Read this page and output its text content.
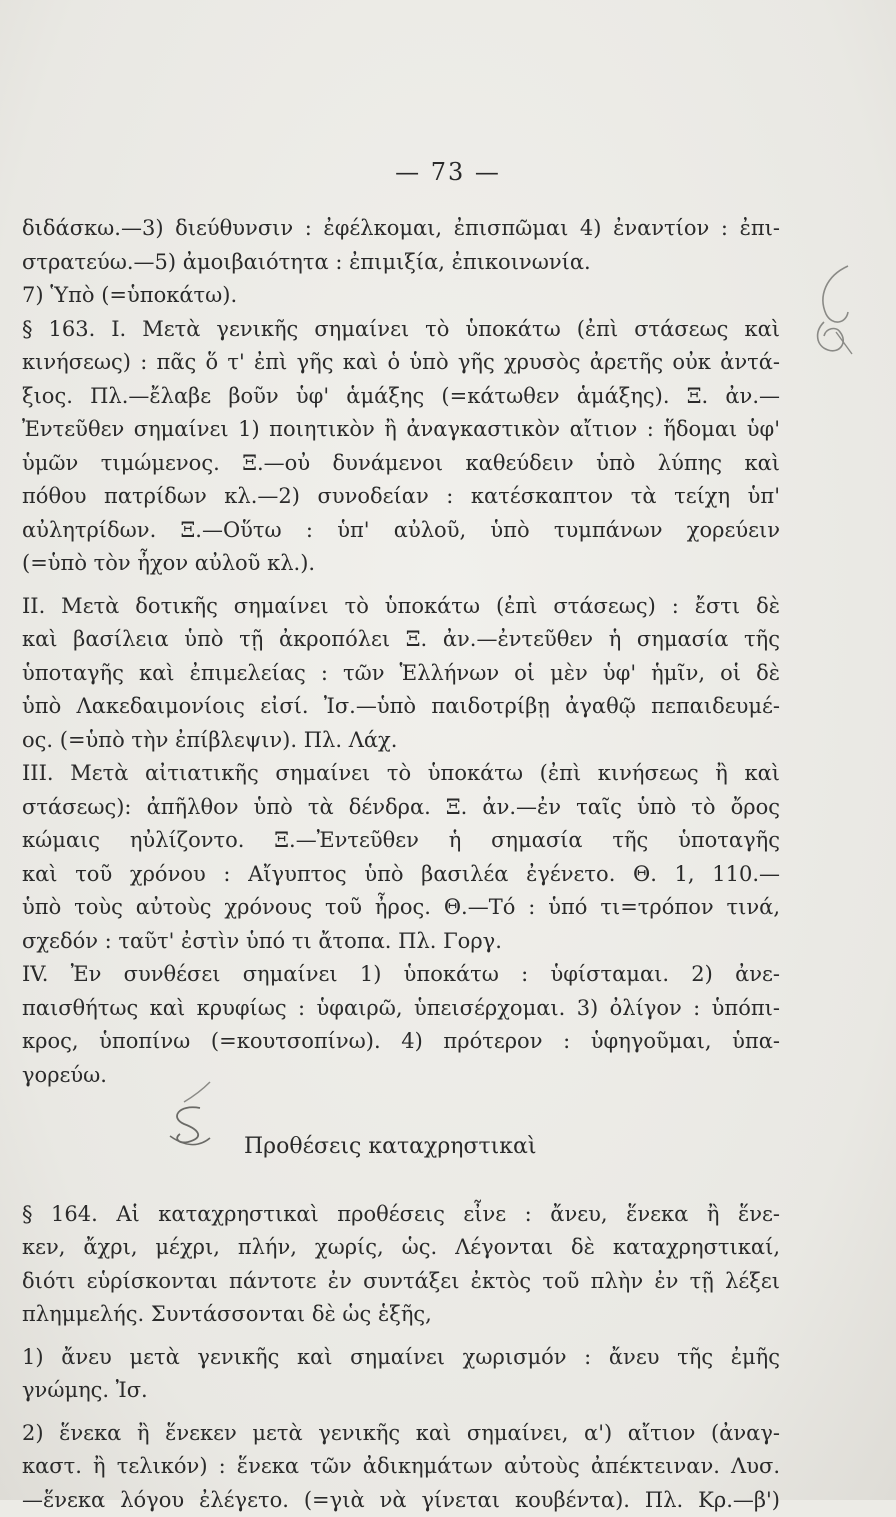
— 73 —
διδάσκω.—3) διεύθυνσιν : ἐφέλκομαι, ἐπισπῶμαι 4) ἐναντίον : ἐπι-
στρατεύω.—5) ἀμοιβαιότητα : ἐπιμιξία, ἐπικοινωνία.
7) Ὑπὸ (=ὑποκάτω).
§ 163. I. Μετὰ γενικῆς σημαίνει τὸ ὑποκάτω (ἐπὶ στάσεως καὶ
κινήσεως) : πᾶς ὅ τ' ἐπὶ γῆς καὶ ὁ ὑπὸ γῆς χρυσὸς ἀρετῆς οὐκ ἀντά-
ξιος. Πλ.—ἔλαβε βοῦν ὑφ' ἁμάξης (=κάτωθεν ἁμάξης). Ξ. ἀν.—
Ἐντεῦθεν σημαίνει 1) ποιητικὸν ἢ ἀναγκαστικὸν αἴτιον : ἥδομαι ὑφ'
ὑμῶν τιμώμενος. Ξ.—οὐ δυνάμενοι καθεύδειν ὑπὸ λύπης καὶ
πόθου πατρίδων κλ.—2) συνοδείαν : κατέσκαπτον τὰ τείχη ὑπ'
αὐλητρίδων. Ξ.—Οὕτω : ὑπ' αὐλοῦ, ὑπὸ τυμπάνων χορεύειν
(=ὑπὸ τὸν ἦχον αὐλοῦ κλ.).
II. Μετὰ δοτικῆς σημαίνει τὸ ὑποκάτω (ἐπὶ στάσεως) : ἔστι δὲ
καὶ βασίλεια ὑπὸ τῇ ἀκροπόλει Ξ. ἀν.—ἐντεῦθεν ἡ σημασία τῆς
ὑποταγῆς καὶ ἐπιμελείας : τῶν Ἑλλήνων οἱ μὲν ὑφ' ἡμῖν, οἱ δὲ
ὑπὸ Λακεδαιμονίοις εἰσί. Ἰσ.—ὑπὸ παιδοτρίβῃ ἀγαθῷ πεπαιδευμέ-
ος. (=ὑπὸ τὴν ἐπίβλεψιν). Πλ. Λάχ.
III. Μετὰ αἰτιατικῆς σημαίνει τὸ ὑποκάτω (ἐπὶ κινήσεως ἢ καὶ
στάσεως): ἀπῆλθον ὑπὸ τὰ δένδρα. Ξ. ἀν.—ἐν ταῖς ὑπὸ τὸ ὄρος
κώμαις ηὐλίζοντο. Ξ.—Ἐντεῦθεν ἡ σημασία τῆς ὑποταγῆς
καὶ τοῦ χρόνου : Αἴγυπτος ὑπὸ βασιλέα ἐγένετο. Θ. 1, 110.—
ὑπὸ τοὺς αὐτοὺς χρόνους τοῦ ἦρος. Θ.—Τό : ὑπό τι=τρόπον τινά,
σχεδόν : ταῦτ' ἐστὶν ὑπό τι ἄτοπα. Πλ. Γοργ.
IV. Ἐν συνθέσει σημαίνει 1) ὑποκάτω : ὑφίσταμαι. 2) ἀνε-
παισθήτως καὶ κρυφίως : ὑφαιρῶ, ὑπεισέρχομαι. 3) ὀλίγον : ὑπόπι-
κρος, ὑποπίνω (=κουτσοπίνω). 4) πρότερον : ὑφηγοῦμαι, ὑπα-
γορεύω.
Προθέσεις καταχρηστικαὶ
§ 164. Αἱ καταχρηστικαὶ προθέσεις εἶνε : ἄνευ, ἕνεκα ἢ ἕνε-
κεν, ἄχρι, μέχρι, πλήν, χωρίς, ὡς. Λέγονται δὲ καταχρηστικαί,
διότι εὑρίσκονται πάντοτε ἐν συντάξει ἐκτὸς τοῦ πλὴν ἐν τῇ λέξει
πλημμελής. Συντάσσονται δὲ ὡς ἑξῆς,
1) ἄνευ μετὰ γενικῆς καὶ σημαίνει χωρισμόν : ἄνευ τῆς ἐμῆς
γνώμης. Ἰσ.
2) ἕνεκα ἢ ἕνεκεν μετὰ γενικῆς καὶ σημαίνει, α') αἴτιον (ἀναγ-
καστ. ἢ τελικόν) : ἕνεκα τῶν ἀδικημάτων αὐτοὺς ἀπέκτειναν. Λυσ.
—ἕνεκα λόγου ἐλέγετο. (=γιὰ νὰ γίνεται κουβέντα). Πλ. Κρ.—β')
